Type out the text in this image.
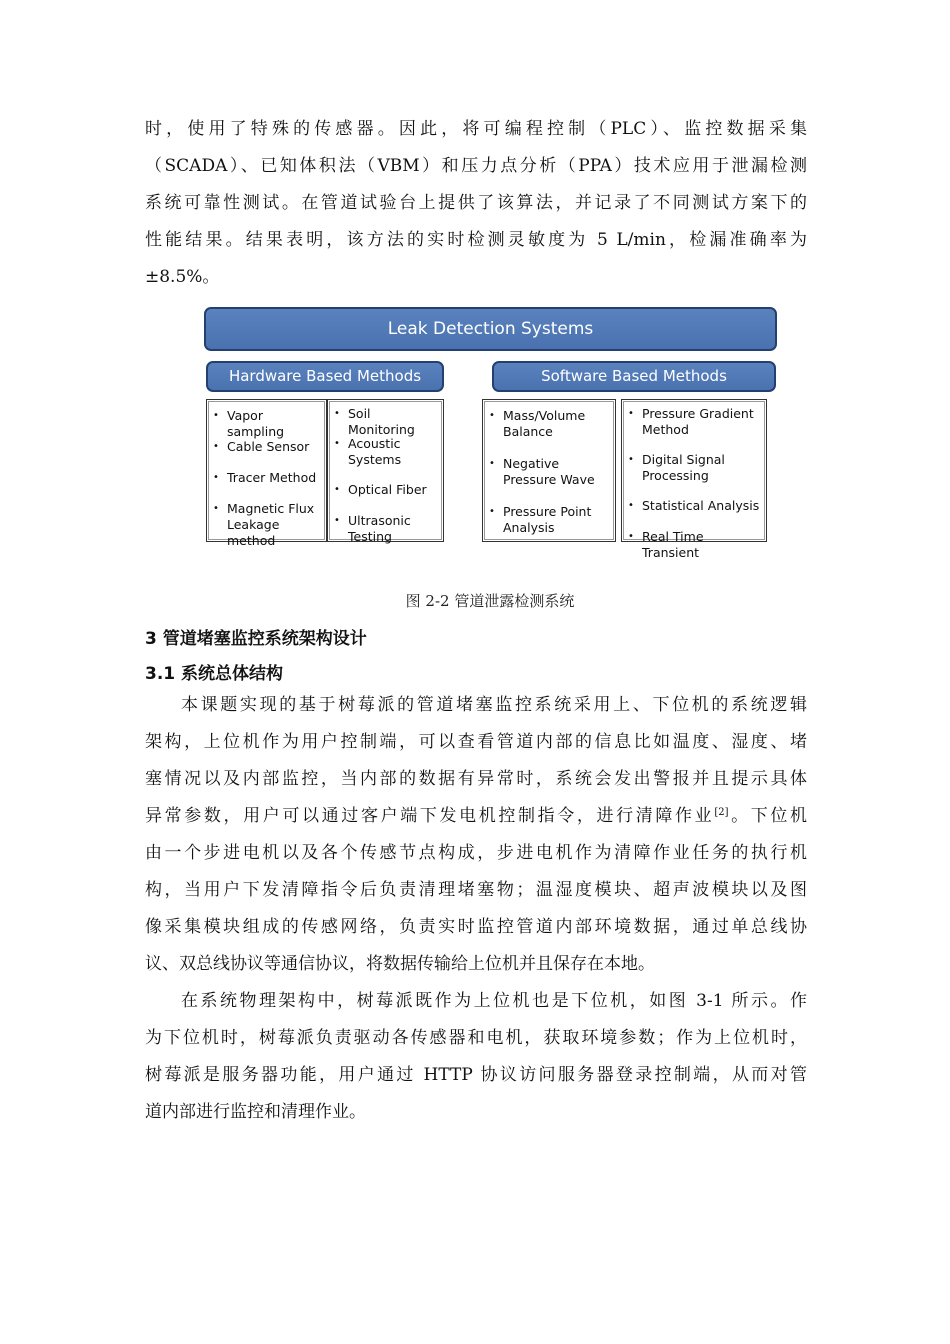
时，使用了特殊的传感器。因此，将可编程控制（PLC）、监控数据采集
（SCADA）、已知体积法（VBM）和压力点分析（PPA）技术应用于泄漏检测
系统可靠性测试。在管道试验台上提供了该算法，并记录了不同测试方案下的
性能结果。结果表明，该方法的实时检测灵敏度为 5 L/min，检漏准确率为
±8.5%。
Leak Detection Systems
Hardware Based Methods	Software Based Methods
• Vapor sampling
• Cable Sensor
• Tracer Method
• Magnetic Flux Leakage method
• Soil Monitoring
• Acoustic Systems
• Optical Fiber
• Ultrasonic Testing
• Mass/Volume Balance
• Negative Pressure Wave
• Pressure Point Analysis
• Pressure Gradient Method
• Digital Signal Processing
• Statistical Analysis
• Real Time Transient
图 2-2 管道泄露检测系统
3 管道堵塞监控系统架构设计
3.1 系统总体结构
本课题实现的基于树莓派的管道堵塞监控系统采用上、下位机的系统逻辑
架构，上位机作为用户控制端，可以查看管道内部的信息比如温度、湿度、堵
塞情况以及内部监控，当内部的数据有异常时，系统会发出警报并且提示具体
异常参数，用户可以通过客户端下发电机控制指令，进行清障作业[2]。下位机
由一个步进电机以及各个传感节点构成，步进电机作为清障作业任务的执行机
构，当用户下发清障指令后负责清理堵塞物；温湿度模块、超声波模块以及图
像采集模块组成的传感网络，负责实时监控管道内部环境数据，通过单总线协
议、双总线协议等通信协议，将数据传输给上位机并且保存在本地。
在系统物理架构中，树莓派既作为上位机也是下位机，如图 3-1 所示。作
为下位机时，树莓派负责驱动各传感器和电机，获取环境参数；作为上位机时，
树莓派是服务器功能，用户通过 HTTP 协议访问服务器登录控制端，从而对管
道内部进行监控和清理作业。
